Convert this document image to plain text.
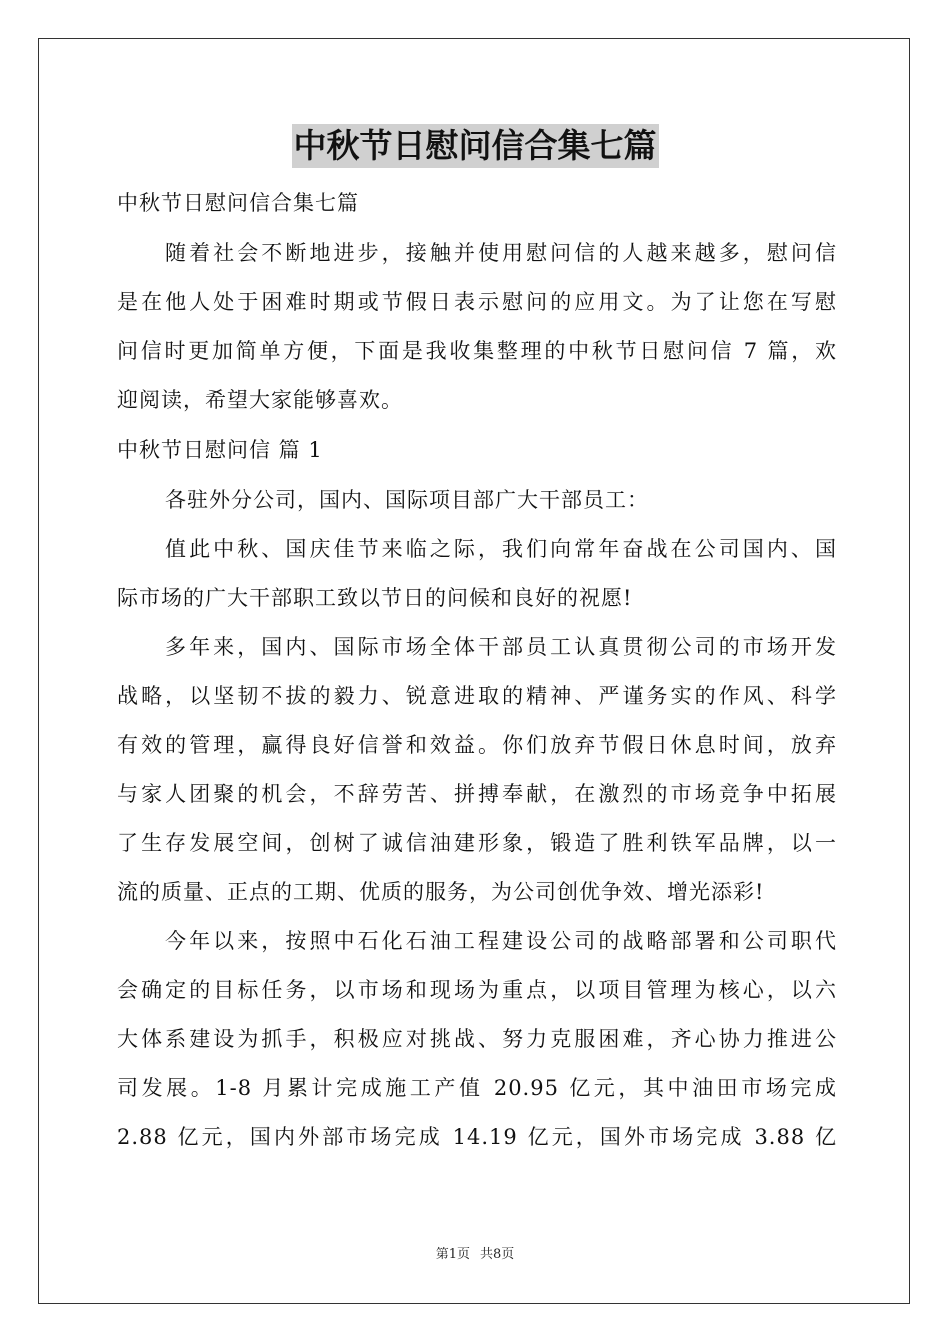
中秋节日慰问信合集七篇
中秋节日慰问信合集七篇
随着社会不断地进步，接触并使用慰问信的人越来越多，慰问信
是在他人处于困难时期或节假日表示慰问的应用文。为了让您在写慰
问信时更加简单方便，下面是我收集整理的中秋节日慰问信 7 篇，欢
迎阅读，希望大家能够喜欢。
中秋节日慰问信 篇 1
各驻外分公司，国内、国际项目部广大干部员工：
值此中秋、国庆佳节来临之际，我们向常年奋战在公司国内、国
际市场的广大干部职工致以节日的问候和良好的祝愿!
多年来，国内、国际市场全体干部员工认真贯彻公司的市场开发
战略，以坚韧不拔的毅力、锐意进取的精神、严谨务实的作风、科学
有效的管理，赢得良好信誉和效益。你们放弃节假日休息时间，放弃
与家人团聚的机会，不辞劳苦、拼搏奉献，在激烈的市场竞争中拓展
了生存发展空间，创树了诚信油建形象，锻造了胜利铁军品牌，以一
流的质量、正点的工期、优质的服务，为公司创优争效、增光添彩!
今年以来，按照中石化石油工程建设公司的战略部署和公司职代
会确定的目标任务，以市场和现场为重点，以项目管理为核心，以六
大体系建设为抓手，积极应对挑战、努力克服困难，齐心协力推进公
司发展。1-8 月累计完成施工产值 20.95 亿元，其中油田市场完成
2.88 亿元，国内外部市场完成 14.19 亿元，国外市场完成 3.88 亿
第1页 共8页
